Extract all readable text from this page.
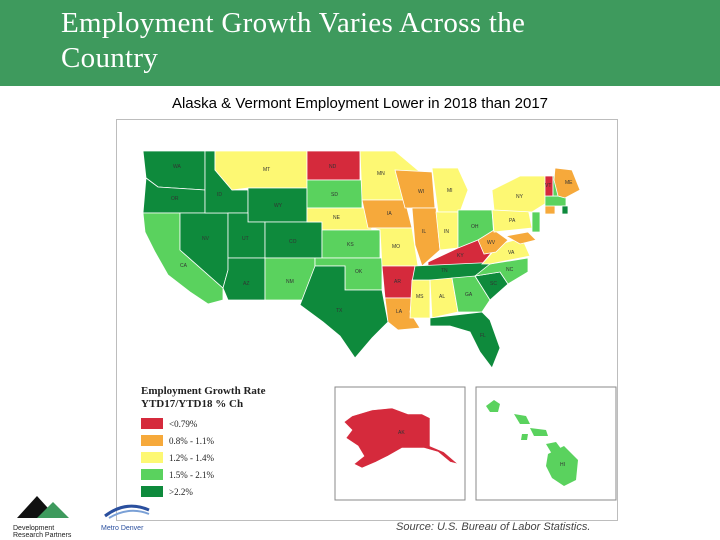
Employment Growth Varies Across the
Country
Alaska & Vermont Employment Lower in 2018 than 2017
WA
OR
CA
NV
ID
MT
WY
UT
AZ
CO
NM
ND
SD
NE
KS
OK
TX
MN
IA
MO
AR
LA
WI
IL
MI
IN
OH
KY
TN
MS	AL	GA
FL
SC
NC
VA
WV
PA
NY
ME
VT
AK
HI
Employment Growth Rate
YTD17/YTD18 % Ch
<0.79%
0.8% - 1.1%
1.2% - 1.4%
1.5% - 2.1%
>2.2%
Source: U.S. Bureau of Labor Statistics.
Development
Research Partners
Metro Denver
